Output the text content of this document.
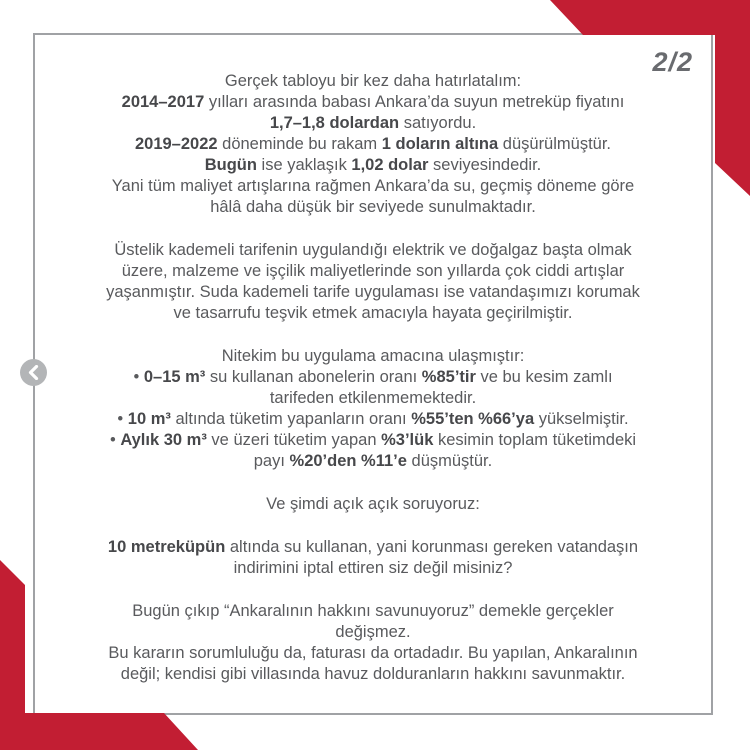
2/2

Gerçek tabloyu bir kez daha hatırlatalım:
2014–2017 yılları arasında babası Ankara’da suyun metreküp fiyatını
1,7–1,8 dolardan satıyordu.
2019–2022 döneminde bu rakam 1 doların altına düşürülmüştür.
Bugün ise yaklaşık 1,02 dolar seviyesindedir.
Yani tüm maliyet artışlarına rağmen Ankara’da su, geçmiş döneme göre
hâlâ daha düşük bir seviyede sunulmaktadır.

Üstelik kademeli tarifenin uygulandığı elektrik ve doğalgaz başta olmak
üzere, malzeme ve işçilik maliyetlerinde son yıllarda çok ciddi artışlar
yaşanmıştır. Suda kademeli tarife uygulaması ise vatandaşımızı korumak
ve tasarrufu teşvik etmek amacıyla hayata geçirilmiştir.

Nitekim bu uygulama amacına ulaşmıştır:
• 0–15 m³ su kullanan abonelerin oranı %85’tir ve bu kesim zamlı
tarifeden etkilenmemektedir.
• 10 m³ altında tüketim yapanların oranı %55’ten %66’ya yükselmiştir.
• Aylık 30 m³ ve üzeri tüketim yapan %3’lük kesimin toplam tüketimdeki
payı %20’den %11’e düşmüştür.

Ve şimdi açık açık soruyoruz:

10 metreküpün altında su kullanan, yani korunması gereken vatandaşın
indirimini iptal ettiren siz değil misiniz?

Bugün çıkıp “Ankaralının hakkını savunuyoruz” demekle gerçekler
değişmez.
Bu kararın sorumluluğu da, faturası da ortadadır. Bu yapılan, Ankaralının
değil; kendisi gibi villasında havuz dolduranların hakkını savunmaktır.
